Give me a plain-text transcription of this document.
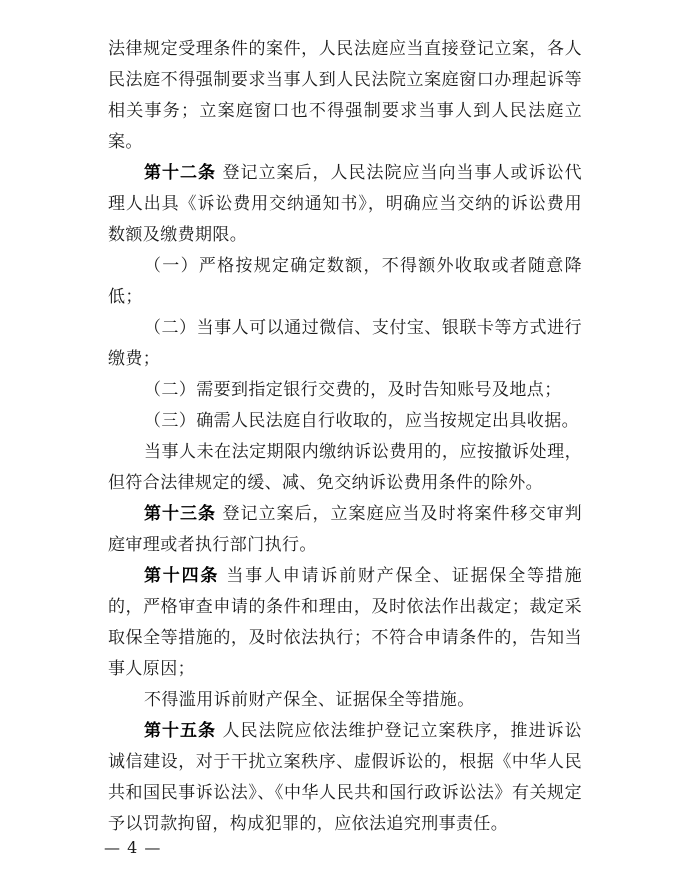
法律规定受理条件的案件，人民法庭应当直接登记立案，各人民法庭不得强制要求当事人到人民法院立案庭窗口办理起诉等相关事务；立案庭窗口也不得强制要求当事人到人民法庭立案。

第十二条 登记立案后，人民法院应当向当事人或诉讼代理人出具《诉讼费用交纳通知书》，明确应当交纳的诉讼费用数额及缴费期限。

（一）严格按规定确定数额，不得额外收取或者随意降低；

（二）当事人可以通过微信、支付宝、银联卡等方式进行缴费；

（二）需要到指定银行交费的，及时告知账号及地点；

（三）确需人民法庭自行收取的，应当按规定出具收据。

当事人未在法定期限内缴纳诉讼费用的，应按撤诉处理，但符合法律规定的缓、减、免交纳诉讼费用条件的除外。

第十三条 登记立案后，立案庭应当及时将案件移交审判庭审理或者执行部门执行。

第十四条 当事人申请诉前财产保全、证据保全等措施的，严格审查申请的条件和理由，及时依法作出裁定；裁定采取保全等措施的，及时依法执行；不符合申请条件的，告知当事人原因；

不得滥用诉前财产保全、证据保全等措施。

第十五条 人民法院应依法维护登记立案秩序，推进诉讼诚信建设，对于干扰立案秩序、虚假诉讼的，根据《中华人民共和国民事诉讼法》、《中华人民共和国行政诉讼法》有关规定予以罚款拘留，构成犯罪的，应依法追究刑事责任。

— 4 —
